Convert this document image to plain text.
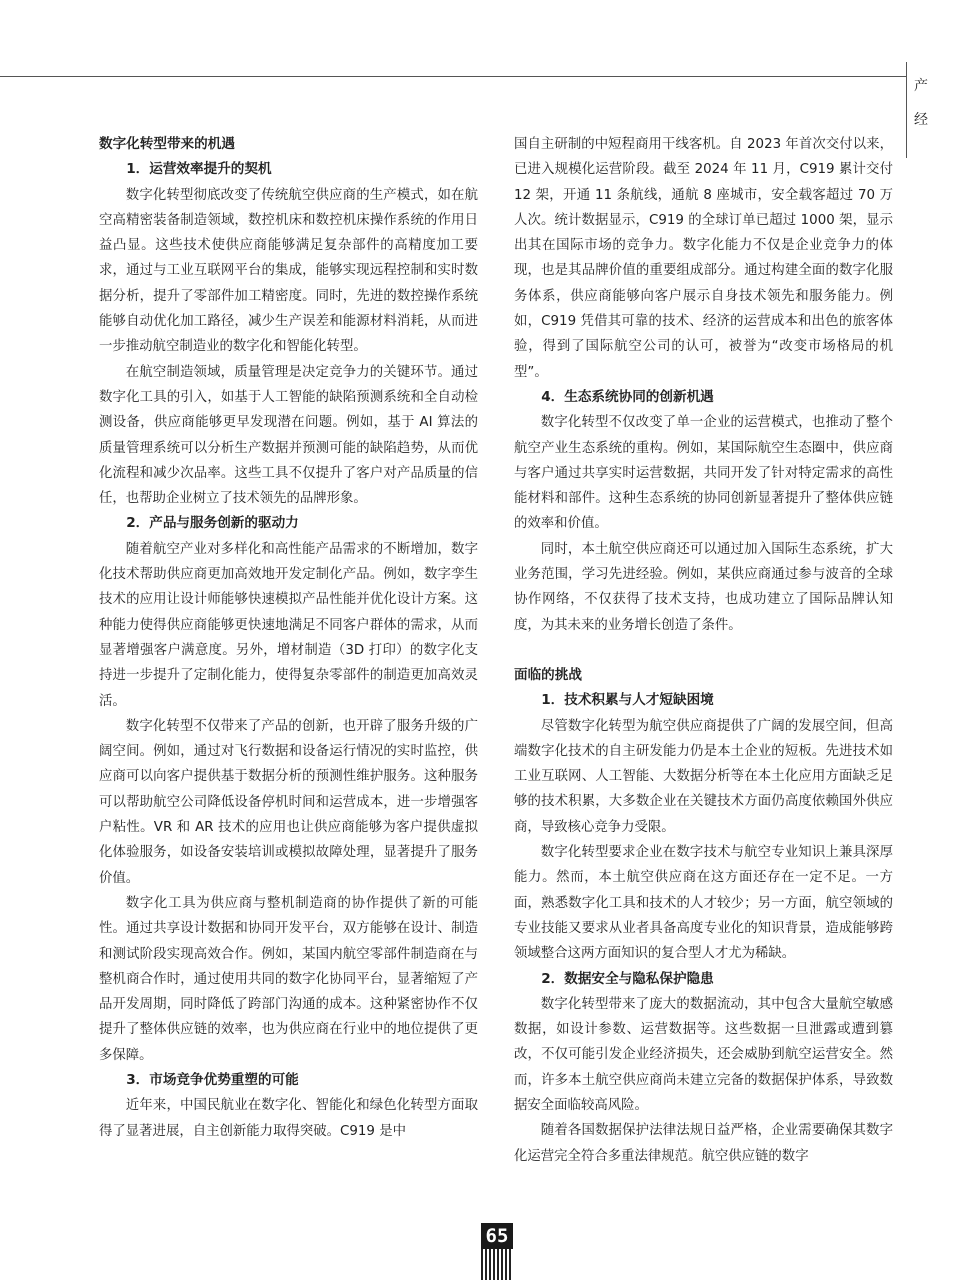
产
经
数字化转型带来的机遇
1．运营效率提升的契机

数字化转型彻底改变了传统航空供应商的生产模式，如在航空高精密装备制造领域，数控机床和数控机床操作系统的作用日益凸显。这些技术使供应商能够满足复杂部件的高精度加工要求，通过与工业互联网平台的集成，能够实现远程控制和实时数据分析，提升了零部件加工精密度。同时，先进的数控操作系统能够自动优化加工路径，减少生产误差和能源材料消耗，从而进一步推动航空制造业的数字化和智能化转型。

在航空制造领域，质量管理是决定竞争力的关键环节。通过数字化工具的引入，如基于人工智能的缺陷预测系统和全自动检测设备，供应商能够更早发现潜在问题。例如，基于 AI 算法的质量管理系统可以分析生产数据并预测可能的缺陷趋势，从而优化流程和减少次品率。这些工具不仅提升了客户对产品质量的信任，也帮助企业树立了技术领先的品牌形象。

2．产品与服务创新的驱动力

随着航空产业对多样化和高性能产品需求的不断增加，数字化技术帮助供应商更加高效地开发定制化产品。例如，数字孪生技术的应用让设计师能够快速模拟产品性能并优化设计方案。这种能力使得供应商能够更快速地满足不同客户群体的需求，从而显著增强客户满意度。另外，增材制造（3D 打印）的数字化支持进一步提升了定制化能力，使得复杂零部件的制造更加高效灵活。

数字化转型不仅带来了产品的创新，也开辟了服务升级的广阔空间。例如，通过对飞行数据和设备运行情况的实时监控，供应商可以向客户提供基于数据分析的预测性维护服务。这种服务可以帮助航空公司降低设备停机时间和运营成本，进一步增强客户粘性。VR 和 AR 技术的应用也让供应商能够为客户提供虚拟化体验服务，如设备安装培训或模拟故障处理，显著提升了服务价值。

数字化工具为供应商与整机制造商的协作提供了新的可能性。通过共享设计数据和协同开发平台，双方能够在设计、制造和测试阶段实现高效合作。例如，某国内航空零部件制造商在与整机商合作时，通过使用共同的数字化协同平台，显著缩短了产品开发周期，同时降低了跨部门沟通的成本。这种紧密协作不仅提升了整体供应链的效率，也为供应商在行业中的地位提供了更多保障。

3．市场竞争优势重塑的可能

近年来，中国民航业在数字化、智能化和绿色化转型方面取得了显著进展，自主创新能力取得突破。C919 是中

国自主研制的中短程商用干线客机。自 2023 年首次交付以来，已进入规模化运营阶段。截至 2024 年 11 月，C919 累计交付 12 架，开通 11 条航线，通航 8 座城市，安全载客超过 70 万人次。统计数据显示，C919 的全球订单已超过 1000 架，显示出其在国际市场的竞争力。数字化能力不仅是企业竞争力的体现，也是其品牌价值的重要组成部分。通过构建全面的数字化服务体系，供应商能够向客户展示自身技术领先和服务能力。例如，C919 凭借其可靠的技术、经济的运营成本和出色的旅客体验，得到了国际航空公司的认可，被誉为“改变市场格局的机型”。

4．生态系统协同的创新机遇

数字化转型不仅改变了单一企业的运营模式，也推动了整个航空产业生态系统的重构。例如，某国际航空生态圈中，供应商与客户通过共享实时运营数据，共同开发了针对特定需求的高性能材料和部件。这种生态系统的协同创新显著提升了整体供应链的效率和价值。

同时，本土航空供应商还可以通过加入国际生态系统，扩大业务范围，学习先进经验。例如，某供应商通过参与波音的全球协作网络，不仅获得了技术支持，也成功建立了国际品牌认知度，为其未来的业务增长创造了条件。

面临的挑战
1．技术积累与人才短缺困境

尽管数字化转型为航空供应商提供了广阔的发展空间，但高端数字化技术的自主研发能力仍是本土企业的短板。先进技术如工业互联网、人工智能、大数据分析等在本土化应用方面缺乏足够的技术积累，大多数企业在关键技术方面仍高度依赖国外供应商，导致核心竞争力受限。

数字化转型要求企业在数字技术与航空专业知识上兼具深厚能力。然而，本土航空供应商在这方面还存在一定不足。一方面，熟悉数字化工具和技术的人才较少；另一方面，航空领域的专业技能又要求从业者具备高度专业化的知识背景，造成能够跨领域整合这两方面知识的复合型人才尤为稀缺。

2．数据安全与隐私保护隐患

数字化转型带来了庞大的数据流动，其中包含大量航空敏感数据，如设计参数、运营数据等。这些数据一旦泄露或遭到篡改，不仅可能引发企业经济损失，还会威胁到航空运营安全。然而，许多本土航空供应商尚未建立完备的数据保护体系，导致数据安全面临较高风险。

随着各国数据保护法律法规日益严格，企业需要确保其数字化运营完全符合多重法律规范。航空供应链的数字

65
